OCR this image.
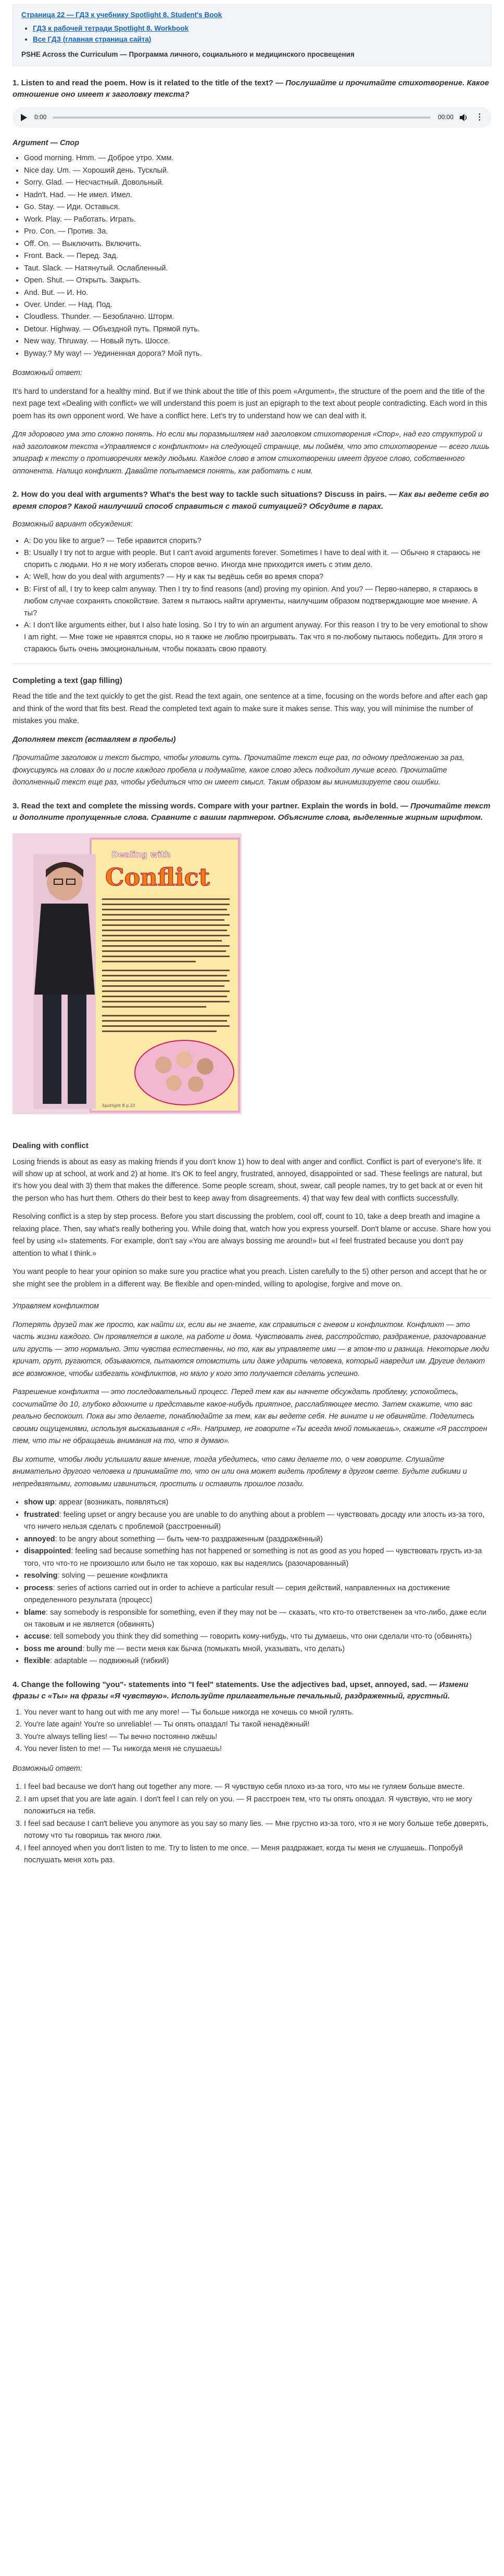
Страница 22 — ГДЗ к учебнику Spotlight 8. Student's Book
• ГДЗ к рабочей тетради Spotlight 8. Workbook
• Все ГДЗ (главная страница сайта)
PSHE Across the Curriculum — Программа личного, социального и медицинского просвещения
1. Listen to and read the poem. How is it related to the title of the text? — Послушайте и прочитайте стихотворение. Какое отношение оно имеет к заголовку текста?
0:00	00:00	⋮
Argument — Спор
• Good morning. Hmm. — Доброе утро. Хмм.
• Nice day. Um. — Хороший день. Тусклый.
• Sorry. Glad. — Несчастный. Довольный.
• Hadn't. Had. — Не имел. Имел.
• Go. Stay. — Иди. Оставься.
• Work. Play. — Работать. Играть.
• Pro. Con. — Против. За.
• Off. On. — Выключить. Включить.
• Front. Back. — Перед. Зад.
• Taut. Slack. — Натянутый. Ослабленный.
• Open. Shut. — Открыть. Закрыть.
• And. But. — И. Но.
• Over. Under. — Над. Под.
• Cloudless. Thunder. — Безоблачно. Шторм.
• Detour. Highway. — Объездной путь. Прямой путь.
• New way. Thruway. — Новый путь. Шоссе.
• Byway.? My way! — Уединенная дорога? Мой путь.

Возможный ответ:

It's hard to understand for a healthy mind. But if we think about the title of this poem «Argument», the structure of the poem and the title of the next page text «Dealing with conflict» we will understand this poem is just an epigraph to the text about people contradicting. Each word in this poem has its own opponent word. We have a conflict here. Let's try to understand how we can deal with it.

Для здорового ума это сложно понять. Но если мы поразмышляем над заголовком стихотворения «Спор», над его структурой и над заголовком текста «Управляемся с конфликтом» на следующей странице, мы поймём, что это стихотворение — всего лишь эпиграф к тексту о противоречиях между людьми. Каждое слово в этом стихотворении имеет другое слово, собственного оппонента. Налицо конфликт. Давайте попытаемся понять, как работать с ним.

2. How do you deal with arguments? What's the best way to tackle such situations? Discuss in pairs. — Как вы ведете себя во время споров? Какой наилучший способ справиться с такой ситуацией? Обсудите в парах.

Возможный вариант обсуждения:

• A: Do you like to argue? — Тебе нравится спорить?
• B: Usually I try not to argue with people. But I can't avoid arguments forever. Sometimes I have to deal with it. — Обычно я стараюсь не спорить с людьми. Но я не могу избегать споров вечно. Иногда мне приходится иметь с этим дело.
• A: Well, how do you deal with arguments? — Ну и как ты ведёшь себя во время спора?
• B: First of all, I try to keep calm anyway. Then I try to find reasons (and) proving my opinion. And you? — Перво-наперво, я стараюсь в любом случае сохранять спокойствие. Затем я пытаюсь найти аргументы, наилучшим образом подтверждающие мое мнение. А ты?
• A: I don't like arguments either, but I also hate losing. So I try to win an argument anyway. For this reason I try to be very emotional to show I am right. — Мне тоже не нравятся споры, но я также не люблю проигрывать. Так что я по-любому пытаюсь победить. Для этого я стараюсь быть очень эмоциональным, чтобы показать свою правоту.
Completing a text (gap filling)

Read the title and the text quickly to get the gist. Read the text again, one sentence at a time, focusing on the words before and after each gap and think of the word that fits best. Read the completed text again to make sure it makes sense. This way, you will minimise the number of mistakes you make.

Дополняем текст (вставляем в пробелы)

Прочитайте заголовок и текст быстро, чтобы уловить суть. Прочитайте текст еще раз, по одному предложению за раз, фокусируясь на словах до и после каждого пробела и подумайте, какое слово здесь подходит лучше всего. Прочитайте дополненный текст еще раз, чтобы убедиться что он имеет смысл. Таким образом вы минимизируете свои ошибки.

3. Read the text and complete the missing words. Compare with your partner. Explain the words in bold. — Прочитайте текст и дополните пропущенные слова. Сравните с вашим партнером. Объясните слова, выделенные жирным шрифтом.
Dealing with
Conflict
Spotlight 8 p.22
Dealing with conflict

Losing friends is about as easy as making friends if you don't know 1) how to deal with anger and conflict. Conflict is part of everyone's life. It will show up at school, at work and 2) at home. It's OK to feel angry, frustrated, annoyed, disappointed or sad. These feelings are natural, but it's how you deal with 3) them that makes the difference. Some people scream, shout, swear, call people names, try to get back at or even hit the person who has hurt them. Others do their best to keep away from disagreements. 4) that way few deal with conflicts successfully.

Resolving conflict is a step by step process. Before you start discussing the problem, cool off, count to 10, take a deep breath and imagine a relaxing place. Then, say what's really bothering you. While doing that, watch how you express yourself. Don't blame or accuse. Share how you feel by using «I» statements. For example, don't say «You are always bossing me around!» but «I feel frustrated because you don't pay attention to what I think.»

You want people to hear your opinion so make sure you practice what you preach. Listen carefully to the 5) other person and accept that he or she might see the problem in a different way. Be flexible and open-minded, willing to apologise, forgive and move on.

Управляем конфликтом

Потерять друзей так же просто, как найти их, если вы не знаете, как справиться с гневом и конфликтом. Конфликт — это часть жизни каждого. Он проявляется в школе, на работе и дома. Чувствовать гнев, расстройство, раздражение, разочарование или грусть — это нормально. Эти чувства естественны, но то, как вы управляете ими — в этом-то и разница. Некоторые люди кричат, орут, ругаются, обзываются, пытаются отомстить или даже ударить человека, который навредил им. Другие делают все возможное, чтобы избегать конфликтов, но мало у кого это получается сделать успешно.

Разрешение конфликта — это последовательный процесс. Перед тем как вы начнете обсуждать проблему, успокойтесь, сосчитайте до 10, глубоко вдохните и представьте какое-нибудь приятное, расслабляющее место. Затем скажите, что вас реально беспокоит. Пока вы это делаете, понаблюдайте за тем, как вы ведете себя. Не вините и не обвиняйте. Поделитесь своими ощущениями, используя высказывания с «Я». Например, не говорите «Ты всегда мной помыкаешь», скажите «Я расстроен тем, что ты не обращаешь внимания на то, что я думаю».

Вы хотите, чтобы люди услышали ваше мнение, тогда убедитесь, что сами делаете то, о чем говорите. Слушайте внимательно другого человека и принимайте то, что он или она может видеть проблему в другом свете. Будьте гибкими и непредвзятыми, готовыми извиниться, простить и оставить прошлое позади.

• show up: appear (возникать, появляться)
• frustrated: feeling upset or angry because you are unable to do anything about a problem — чувствовать досаду или злость из-за того, что ничего нельзя сделать с проблемой (расстроенный)
• annoyed: to be angry about something — быть чем-то раздраженным (раздражённый)
• disappointed: feeling sad because something has not happened or something is not as good as you hoped — чувствовать грусть из-за того, что что-то не произошло или было не так хорошо, как вы надеялись (разочарованный)
• resolving: solving — решение конфликта
• process: series of actions carried out in order to achieve a particular result — серия действий, направленных на достижение определенного результата (процесс)
• blame: say somebody is responsible for something, even if they may not be — сказать, что кто-то ответственен за что-либо, даже если он таковым и не является (обвинять)
• accuse: tell somebody you think they did something — говорить кому-нибудь, что ты думаешь, что они сделали что-то (обвинять)
• boss me around: bully me — вести меня как бычка (помыкать мной, указывать, что делать)
• flexible: adaptable — подвижный (гибкий)
4. Change the following "you"- statements into "I feel" statements. Use the adjectives bad, upset, annoyed, sad. — Измени фразы с «Ты» на фразы «Я чувствую». Используйте прилагательные печальный, раздраженный, грустный.
1. You never want to hang out with me any more! — Ты больше никогда не хочешь со мной гулять.
2. You're late again! You're so unreliable! — Ты опять опаздал! Ты такой ненадёжный!
3. You're always telling lies! — Ты вечно постоянно лжёшь!
4. You never listen to me! — Ты никогда меня не слушаешь!

Возможный ответ:

1. I feel bad because we don't hang out together any more. — Я чувствую себя плохо из-за того, что мы не гуляем больше вместе.
2. I am upset that you are late again. I don't feel I can rely on you. — Я расстроен тем, что ты опять опоздал. Я чувствую, что не могу положиться на тебя.
3. I feel sad because I can't believe you anymore as you say so many lies. — Мне грустно из-за того, что я не могу больше тебе доверять, потому что ты говоришь так много лжи.
4. I feel annoyed when you don't listen to me. Try to listen to me once. — Меня раздражает, когда ты меня не слушаешь. Попробуй послушать меня хоть раз.
